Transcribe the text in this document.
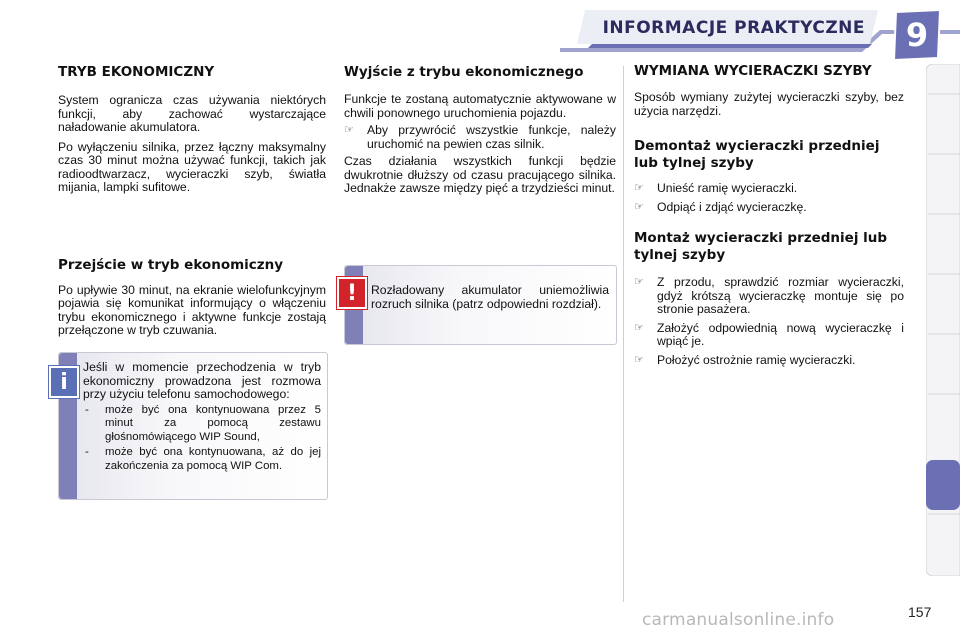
INFORMACJE PRAKTYCZNE	9
TRYB EKONOMICZNY

System ogranicza czas używania niektórych funkcji, aby zachować wystarczające naładowanie akumulatora.

Po wyłączeniu silnika, przez łączny maksymalny czas 30 minut można używać funkcji, takich jak radioodtwarzacz, wycieraczki szyb, światła mijania, lampki sufitowe.

Przejście w tryb ekonomiczny

Po upływie 30 minut, na ekranie wielofunkcyjnym pojawia się komunikat informujący o włączeniu trybu ekonomicznego i aktywne funkcje zostają przełączone w tryb czuwania.

Jeśli w momencie przechodzenia w tryb ekonomiczny prowadzona jest rozmowa przy użyciu telefonu samochodowego:
- może być ona kontynuowana przez 5 minut za pomocą zestawu głośnomówiącego WIP Sound,
- może być ona kontynuowana, aż do jej zakończenia za pomocą WIP Com.
i
Wyjście z trybu ekonomicznego

Funkcje te zostaną automatycznie aktywowane w chwili ponownego uruchomienia pojazdu.

☞ Aby przywrócić wszystkie funkcje, należy uruchomić na pewien czas silnik.

Czas działania wszystkich funkcji będzie dwukrotnie dłuższy od czasu pracującego silnika. Jednakże zawsze między pięć a trzydzieści minut.

Rozładowany akumulator uniemożliwia rozruch silnika (patrz odpowiedni rozdział).
!
WYMIANA WYCIERACZKI SZYBY

Sposób wymiany zużytej wycieraczki szyby, bez użycia narzędzi.

Demontaż wycieraczki przedniej lub tylnej szyby
☞ Unieść ramię wycieraczki.
☞ Odpiąć i zdjąć wycieraczkę.
Montaż wycieraczki przedniej lub tylnej szyby
☞ Z przodu, sprawdzić rozmiar wycieraczki, gdyż krótszą wycieraczkę montuje się po stronie pasażera.
☞ Założyć odpowiednią nową wycieraczkę i wpiąć je.
☞ Położyć ostrożnie ramię wycieraczki.
157
carmanualsonline.info
